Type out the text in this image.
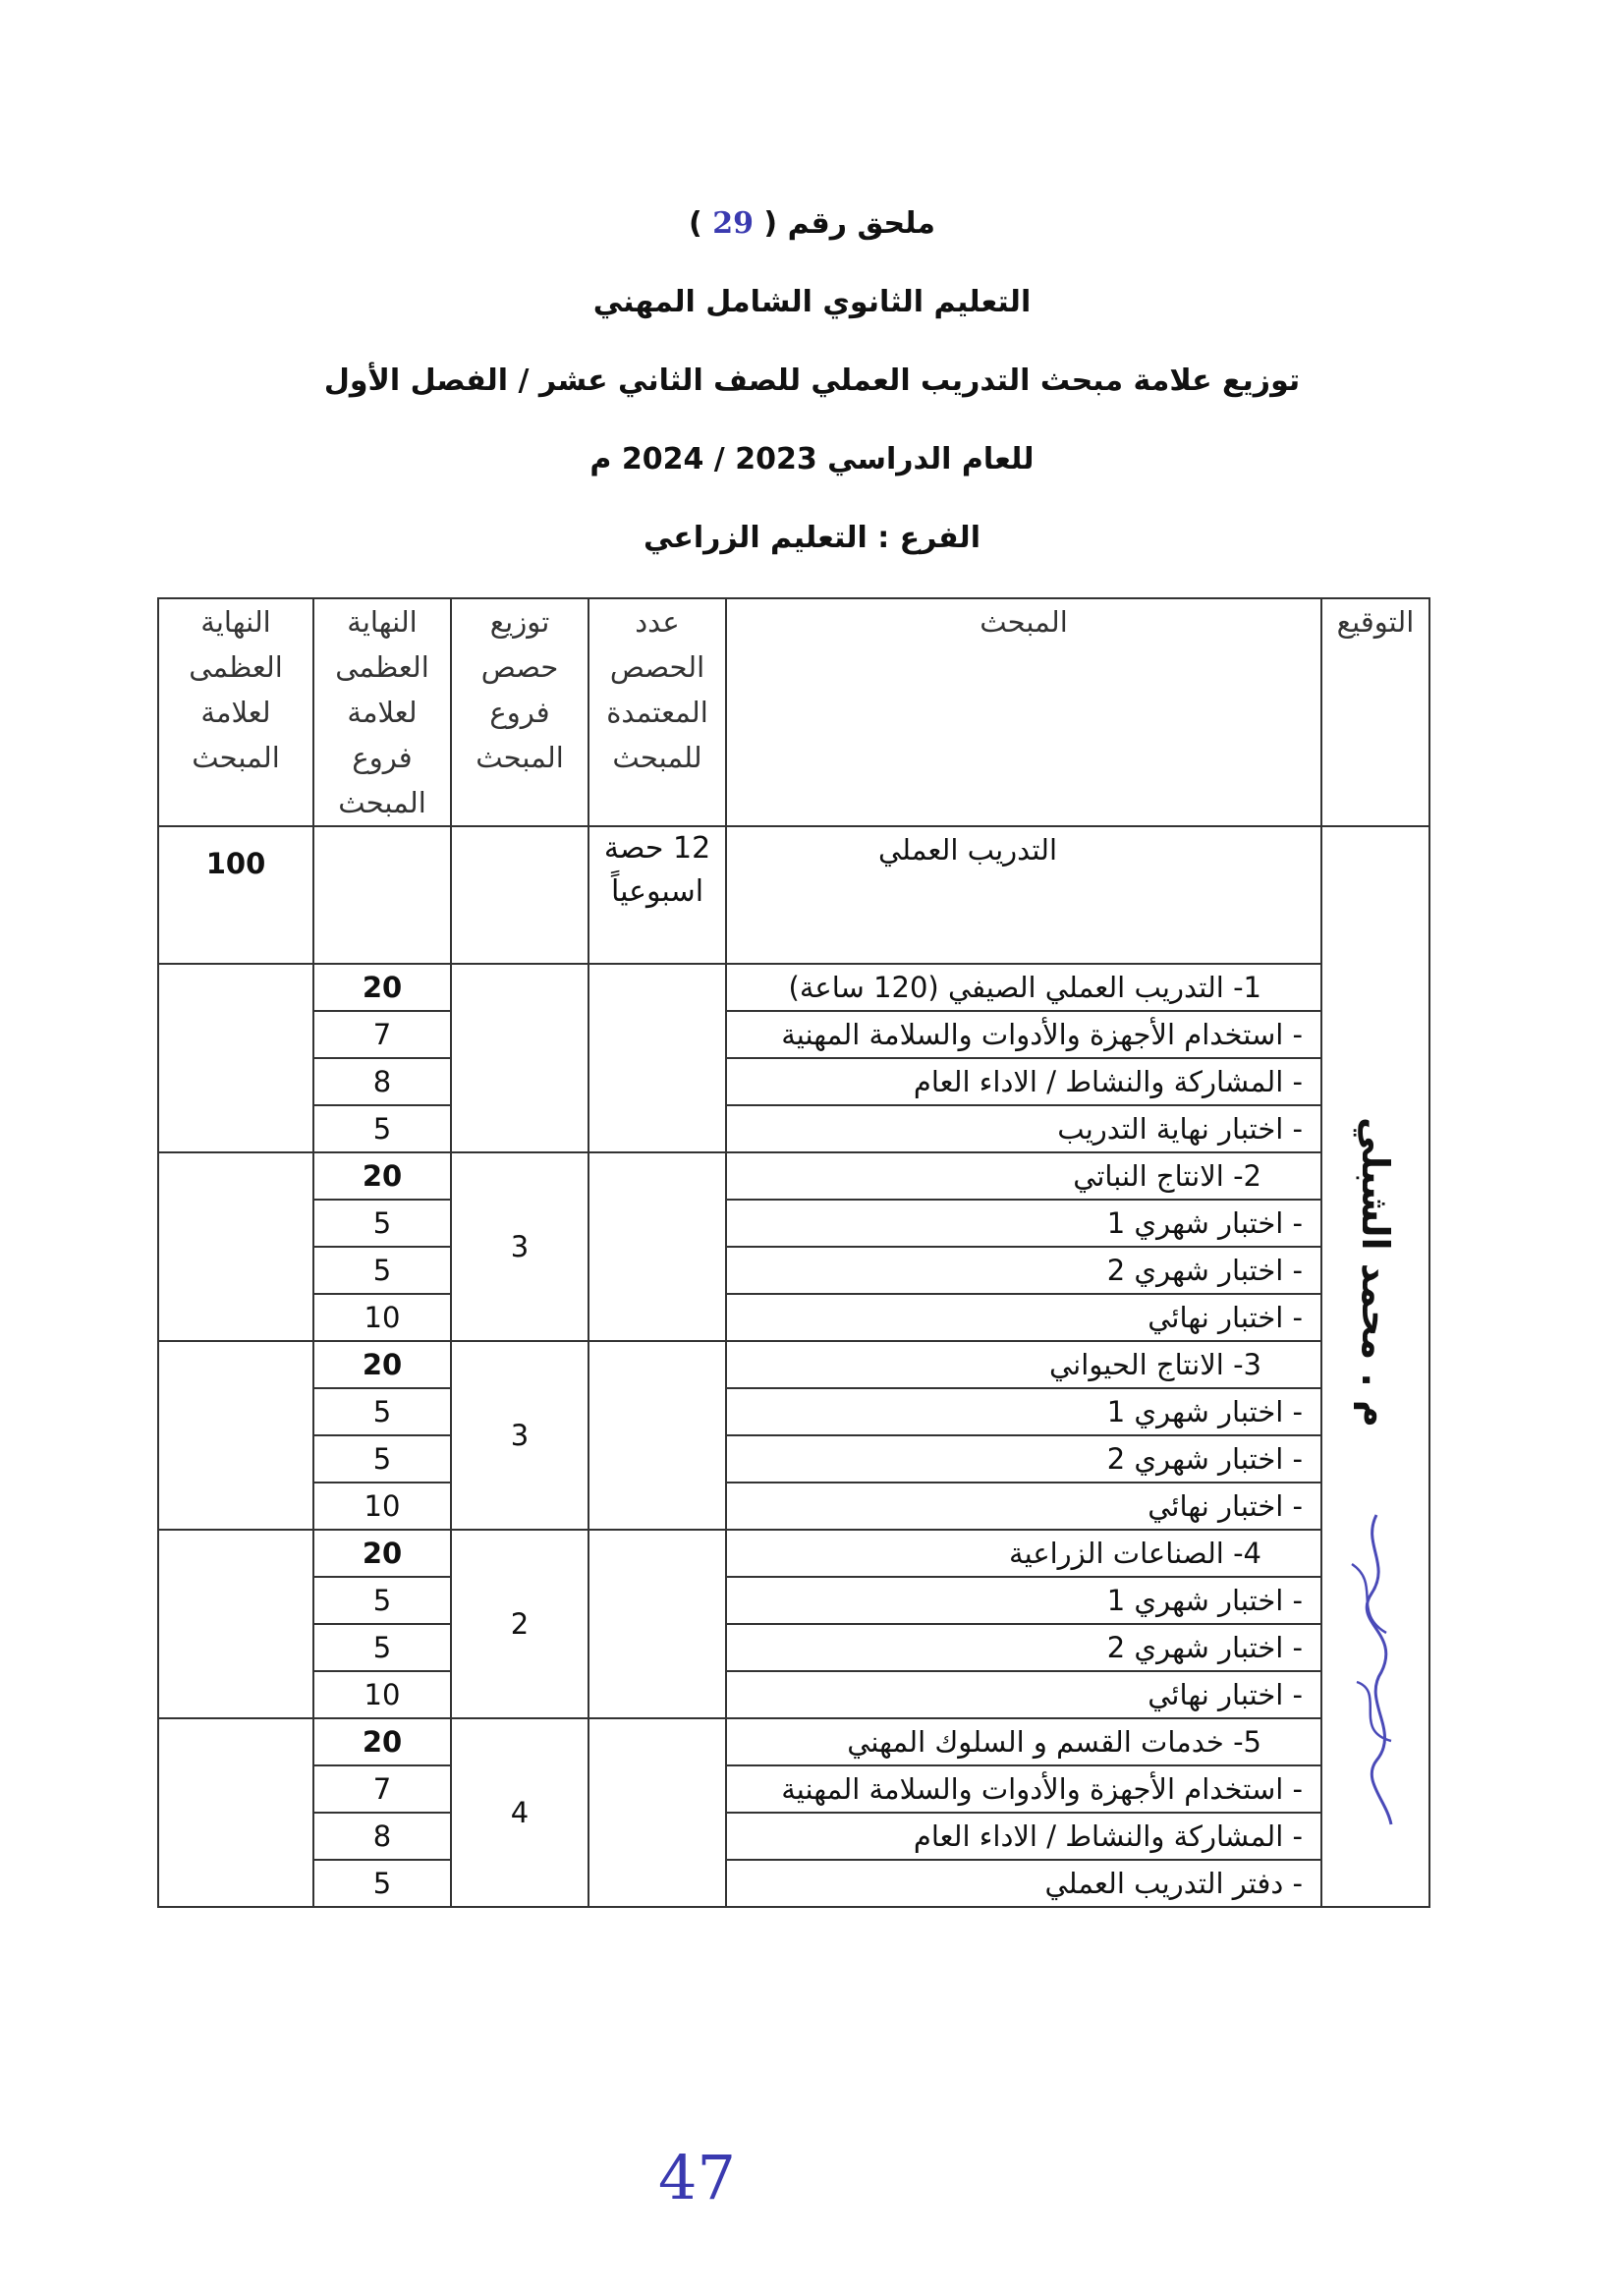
ملحق رقم ( 29 )
التعليم الثانوي الشامل المهني
توزيع علامة مبحث التدريب العملي للصف الثاني عشر / الفصل الأول
للعام الدراسي 2023 / 2024 م
الفرع : التعليم الزراعي
التوقيع	المبحث	عدد الحصص المعتمدة للمبحث	توزيع حصص فروع المبحث	النهاية العظمى لعلامة فروع المبحث	النهاية العظمى لعلامة المبحث

م . محمد الشبلي	التدريب العملي	12 حصة اسبوعياً			100
	1- التدريب العملي الصيفي (120 ساعة)			20	
	- استخدام الأجهزة والأدوات والسلامة المهنية			7	
	- المشاركة والنشاط / الاداء العام			8	
	- اختبار نهاية التدريب			5	
	2- الانتاج النباتي		3	20	
	- اختبار شهري 1			5	
	- اختبار شهري 2			5	
	- اختبار نهائي			10	
	3- الانتاج الحيواني		3	20	
	- اختبار شهري 1			5	
	- اختبار شهري 2			5	
	- اختبار نهائي			10	
	4- الصناعات الزراعية		2	20	
	- اختبار شهري 1			5	
	- اختبار شهري 2			5	
	- اختبار نهائي			10	
	5- خدمات القسم و السلوك المهني		4	20	
	- استخدام الأجهزة والأدوات والسلامة المهنية			7	
	- المشاركة والنشاط / الاداء العام			8	
	- دفتر التدريب العملي			5	
47
